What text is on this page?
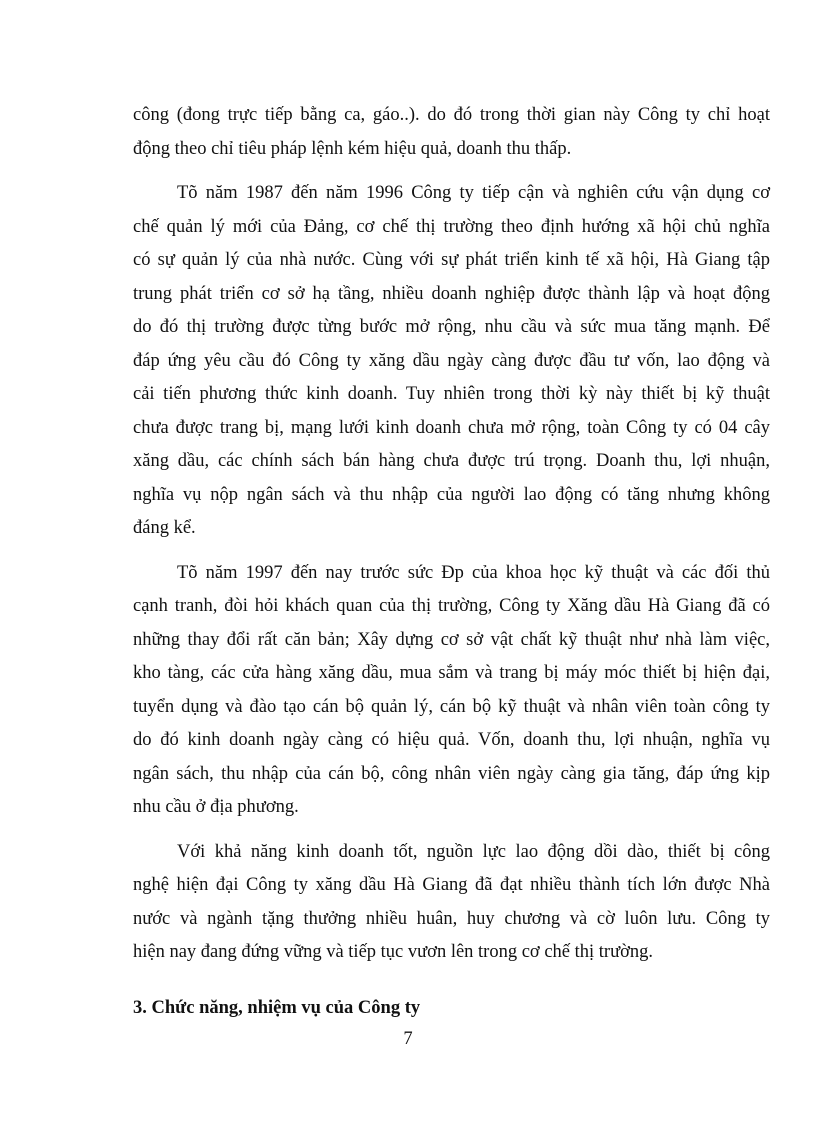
công (đong trực tiếp bằng ca, gáo..). do đó trong thời gian này Công ty chỉ hoạt
động theo chỉ tiêu pháp lệnh kém hiệu quả, doanh thu thấp.
Tõ năm 1987 đến năm 1996 Công ty tiếp cận và nghiên cứu vận dụng cơ
chế quản lý mới của Đảng, cơ chế thị trường theo định hướng xã hội chủ nghĩa
có sự quản lý của nhà nước. Cùng với sự phát triển kinh tế xã hội, Hà Giang tập
trung phát triển cơ sở hạ tầng, nhiều doanh nghiệp được thành lập và hoạt động
do đó thị trường được từng bước mở rộng, nhu cầu và sức mua tăng mạnh. Để
đáp ứng yêu cầu đó Công ty xăng dầu ngày càng được đầu tư vốn, lao động và
cải tiến phương thức kinh doanh. Tuy nhiên trong thời kỳ này thiết bị kỹ thuật
chưa được trang bị, mạng lưới kinh doanh chưa mở rộng, toàn Công ty có 04 cây
xăng dầu, các chính sách bán hàng chưa được trú trọng. Doanh thu, lợi nhuận,
nghĩa vụ nộp ngân sách và thu nhập của người lao động có tăng nhưng không
đáng kể.
Tõ năm 1997 đến nay trước sức Ðp của khoa học kỹ thuật và các đối thủ
cạnh tranh, đòi hỏi khách quan của thị trường, Công ty Xăng dầu Hà Giang đã có
những thay đổi rất căn bản; Xây dựng cơ sở vật chất kỹ thuật như nhà làm việc,
kho tàng, các cửa hàng xăng dầu, mua sắm và trang bị máy móc thiết bị hiện đại,
tuyển dụng và đào tạo cán bộ quản lý, cán bộ kỹ thuật và nhân viên toàn công ty
do đó kinh doanh ngày càng có hiệu quả. Vốn, doanh thu, lợi nhuận, nghĩa vụ
ngân sách, thu nhập của cán bộ, công nhân viên ngày càng gia tăng, đáp ứng kịp
nhu cầu ở địa phương.
Với khả năng kinh doanh tốt, nguồn lực lao động dồi dào, thiết bị công
nghệ hiện đại Công ty xăng dầu Hà Giang đã đạt nhiều thành tích lớn được Nhà
nước và ngành tặng thưởng nhiều huân, huy chương và cờ luôn lưu. Công ty
hiện nay đang đứng vững và tiếp tục vươn lên trong cơ chế thị trường.
3. Chức năng, nhiệm vụ của Công ty
7
